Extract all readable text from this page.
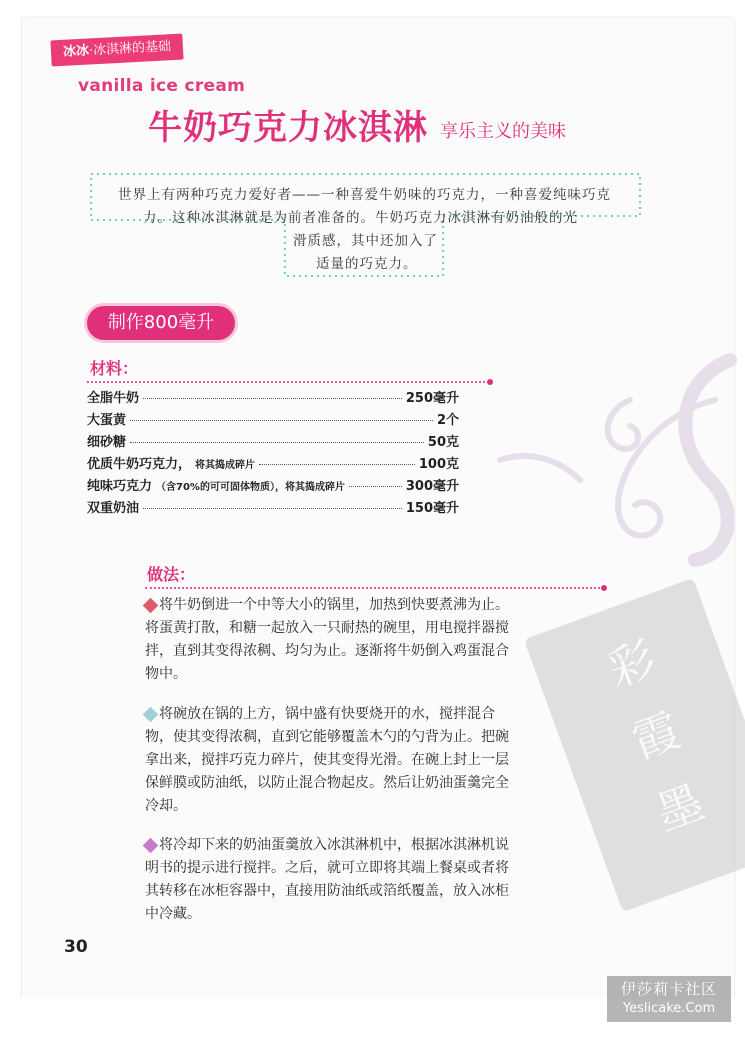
彩
霞
墨
冰冰·冰淇淋的基础
vanilla ice cream
牛奶巧克力冰淇淋 享乐主义的美味
世界上有两种巧克力爱好者——一种喜爱牛奶味的巧克力，一种喜爱纯味巧克
力。这种冰淇淋就是为前者准备的。牛奶巧克力冰淇淋有奶油般的光
滑质感，其中还加入了
适量的巧克力。
制作800毫升
材料：
全脂牛奶	250毫升
大蛋黄	2个
细砂糖	50克
优质牛奶巧克力， 将其捣成碎片	100克
纯味巧克力 （含70%的可可固体物质），将其捣成碎片	300毫升
双重奶油	150毫升
做法：
将牛奶倒进一个中等大小的锅里，加热到快要煮沸为止。
将蛋黄打散，和糖一起放入一只耐热的碗里，用电搅拌器搅
拌，直到其变得浓稠、均匀为止。逐渐将牛奶倒入鸡蛋混合
物中。
将碗放在锅的上方，锅中盛有快要烧开的水，搅拌混合
物，使其变得浓稠，直到它能够覆盖木勺的勺背为止。把碗
拿出来，搅拌巧克力碎片，使其变得光滑。在碗上封上一层
保鲜膜或防油纸，以防止混合物起皮。然后让奶油蛋羹完全
冷却。
将冷却下来的奶油蛋羹放入冰淇淋机中，根据冰淇淋机说
明书的提示进行搅拌。之后，就可立即将其端上餐桌或者将
其转移在冰柜容器中，直接用防油纸或箔纸覆盖，放入冰柜
中冷藏。
30
伊莎莉卡社区
Yeslicake.Com
